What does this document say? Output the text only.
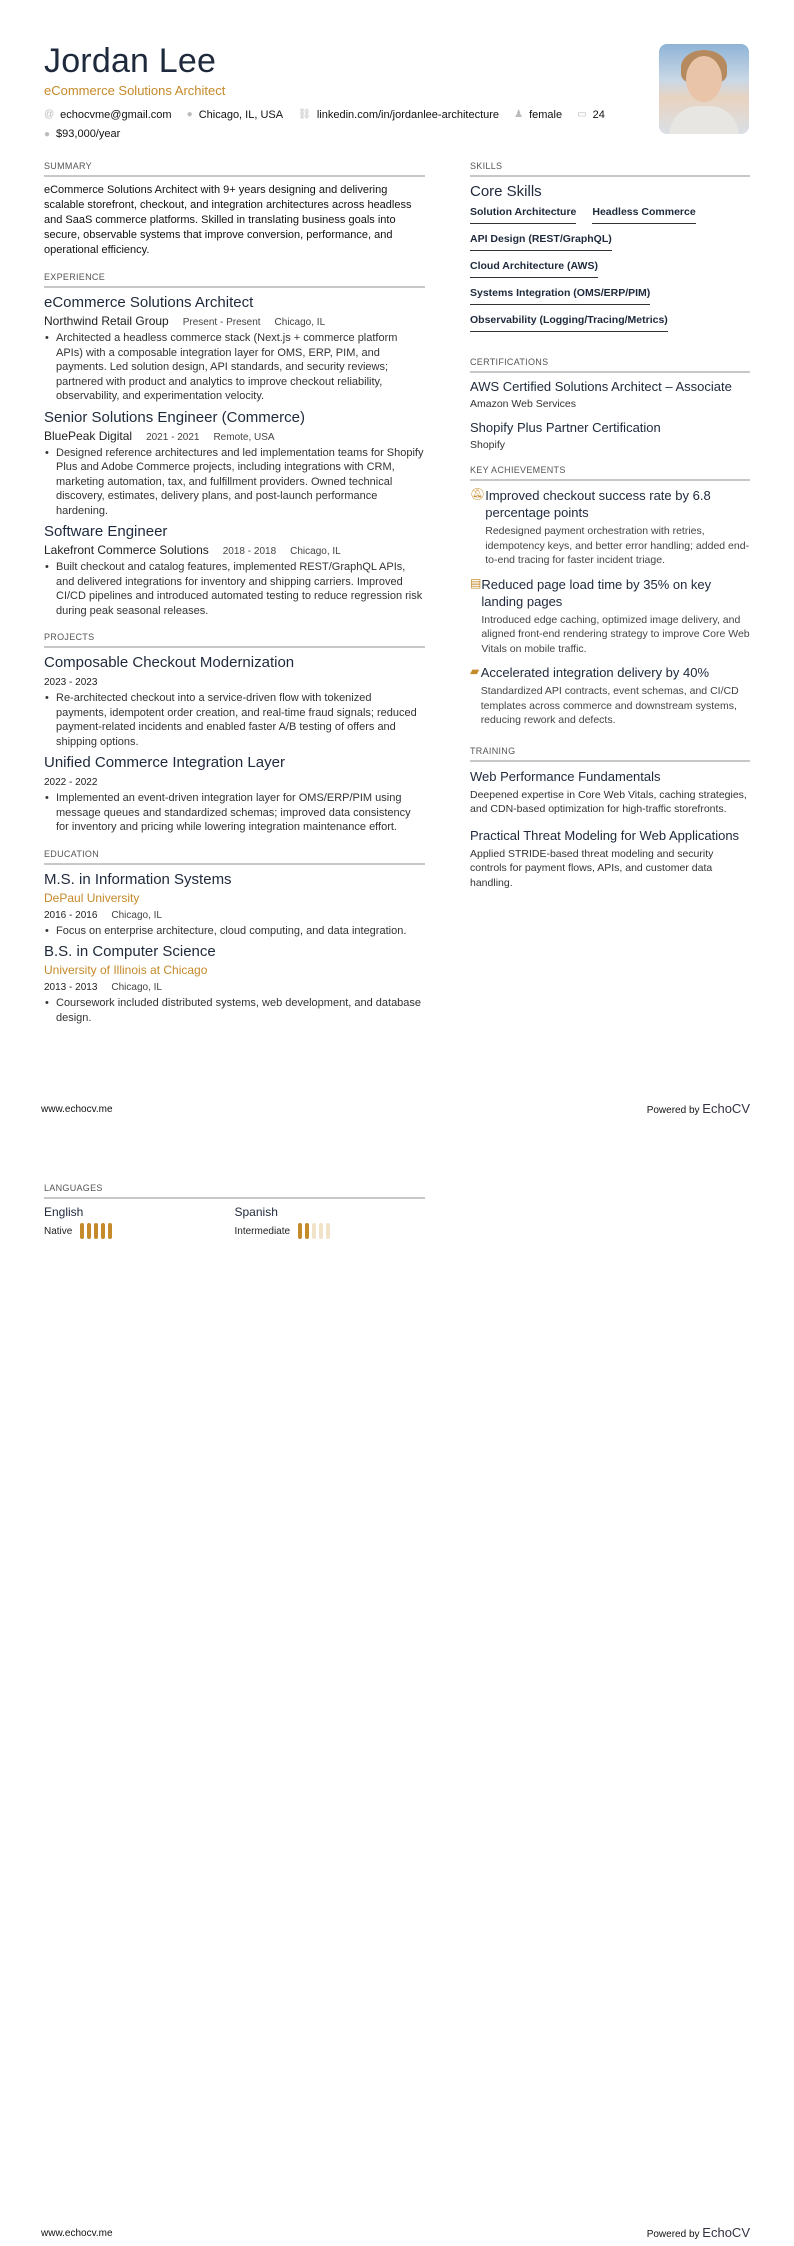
Jordan Lee
eCommerce Solutions Architect
@ echocvme@gmail.com
● Chicago, IL, USA
⛓ linkedin.com/in/jordanlee-architecture
♟ female
▭ 24

● $93,000/year
SUMMARY
eCommerce Solutions Architect with 9+ years designing and delivering scalable storefront, checkout, and integration architectures across headless and SaaS commerce platforms. Skilled in translating business goals into secure, observable systems that improve conversion, performance, and operational efficiency.
EXPERIENCE
eCommerce Solutions Architect
Northwind Retail Group Present - Present Chicago, IL
• Architected a headless commerce stack (Next.js + commerce platform APIs) with a composable integration layer for OMS, ERP, PIM, and payments. Led solution design, API standards, and security reviews; partnered with product and analytics to improve checkout reliability, observability, and experimentation velocity.
Senior Solutions Engineer (Commerce)
BluePeak Digital 2021 - 2021 Remote, USA
• Designed reference architectures and led implementation teams for Shopify Plus and Adobe Commerce projects, including integrations with CRM, marketing automation, tax, and fulfillment providers. Owned technical discovery, estimates, delivery plans, and post-launch performance hardening.
Software Engineer
Lakefront Commerce Solutions 2018 - 2018 Chicago, IL
• Built checkout and catalog features, implemented REST/GraphQL APIs, and delivered integrations for inventory and shipping carriers. Improved CI/CD pipelines and introduced automated testing to reduce regression risk during peak seasonal releases.
PROJECTS
Composable Checkout Modernization
2023 - 2023
• Re-architected checkout into a service-driven flow with tokenized payments, idempotent order creation, and real-time fraud signals; reduced payment-related incidents and enabled faster A/B testing of offers and shipping options.
Unified Commerce Integration Layer
2022 - 2022
• Implemented an event-driven integration layer for OMS/ERP/PIM using message queues and standardized schemas; improved data consistency for inventory and pricing while lowering integration maintenance effort.
EDUCATION
M.S. in Information Systems
DePaul University
2016 - 2016 Chicago, IL
• Focus on enterprise architecture, cloud computing, and data integration.
B.S. in Computer Science
University of Illinois at Chicago
2013 - 2013 Chicago, IL
• Coursework included distributed systems, web development, and database design.
SKILLS
Core Skills
Solution Architecture Headless Commerce
API Design (REST/GraphQL)
Cloud Architecture (AWS)
Systems Integration (OMS/ERP/PIM)
Observability (Logging/Tracing/Metrics)
CERTIFICATIONS
AWS Certified Solutions Architect – Associate
Amazon Web Services
Shopify Plus Partner Certification
Shopify
KEY ACHIEVEMENTS
🔕︎ Improved checkout success rate by 6.8 percentage points
Redesigned payment orchestration with retries, idempotency keys, and better error handling; added end-to-end tracing for faster incident triage.
▤ Reduced page load time by 35% on key landing pages
Introduced edge caching, optimized image delivery, and aligned front-end rendering strategy to improve Core Web Vitals on mobile traffic.
▰ Accelerated integration delivery by 40%
Standardized API contracts, event schemas, and CI/CD templates across commerce and downstream systems, reducing rework and defects.
TRAINING
Web Performance Fundamentals
Deepened expertise in Core Web Vitals, caching strategies, and CDN-based optimization for high-traffic storefronts.
Practical Threat Modeling for Web Applications
Applied STRIDE-based threat modeling and security controls for payment flows, APIs, and customer data handling.
www.echocv.me	Powered by EchoCV
LANGUAGES
English
Native
Spanish
Intermediate
www.echocv.me	Powered by EchoCV
